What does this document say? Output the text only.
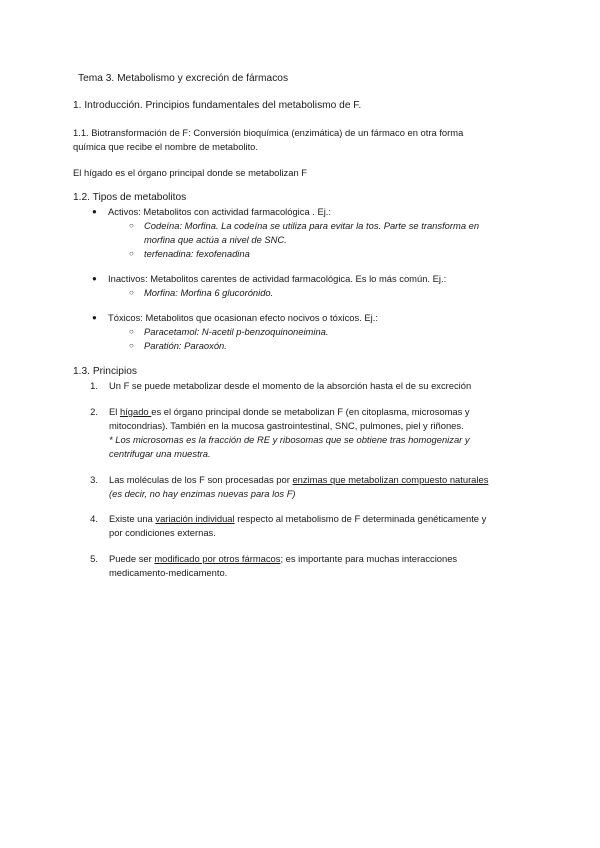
Tema 3. Metabolismo y excreción de fármacos
1. Introducción. Principios fundamentales del metabolismo de F.
1.1. Biotransformación de F: Conversión bioquímica (enzimática) de un fármaco en otra forma
química que recibe el nombre de metabolito.
El hígado es el órgano principal donde se metabolizan F
1.2. Tipos de metabolitos
● Activos: Metabolitos con actividad farmacológica . Ej.:
○ Codeína: Morfina. La codeína se utiliza para evitar la tos. Parte se transforma en
morfina que actúa a nivel de SNC.
○ terfenadina: fexofenadina
● Inactivos: Metabolitos carentes de actividad farmacológica. Es lo más común. Ej.:
○ Morfina: Morfina 6 glucorónido.
● Tóxicos: Metabolitos que ocasionan efecto nocivos o tóxicos. Ej.:
○ Paracetamol: N-acetil p-benzoquinoneimina.
○ Paratión: Paraoxón.
1.3. Principios
1. Un F se puede metabolizar desde el momento de la absorción hasta el de su excreción
2. El hígado es el órgano principal donde se metabolizan F (en citoplasma, microsomas y
mitocondrias). También en la mucosa gastrointestinal, SNC, pulmones, piel y riñones.
* Los microsomas es la fracción de RE y ribosomas que se obtiene tras homogenizar y
centrifugar una muestra.
3. Las moléculas de los F son procesadas por enzimas que metabolizan compuesto naturales
(es decir, no hay enzimas nuevas para los F)
4. Existe una variación individual respecto al metabolismo de F determinada genéticamente y
por condiciones externas.
5. Puede ser modificado por otros fármacos; es importante para muchas interacciones
medicamento-medicamento.
